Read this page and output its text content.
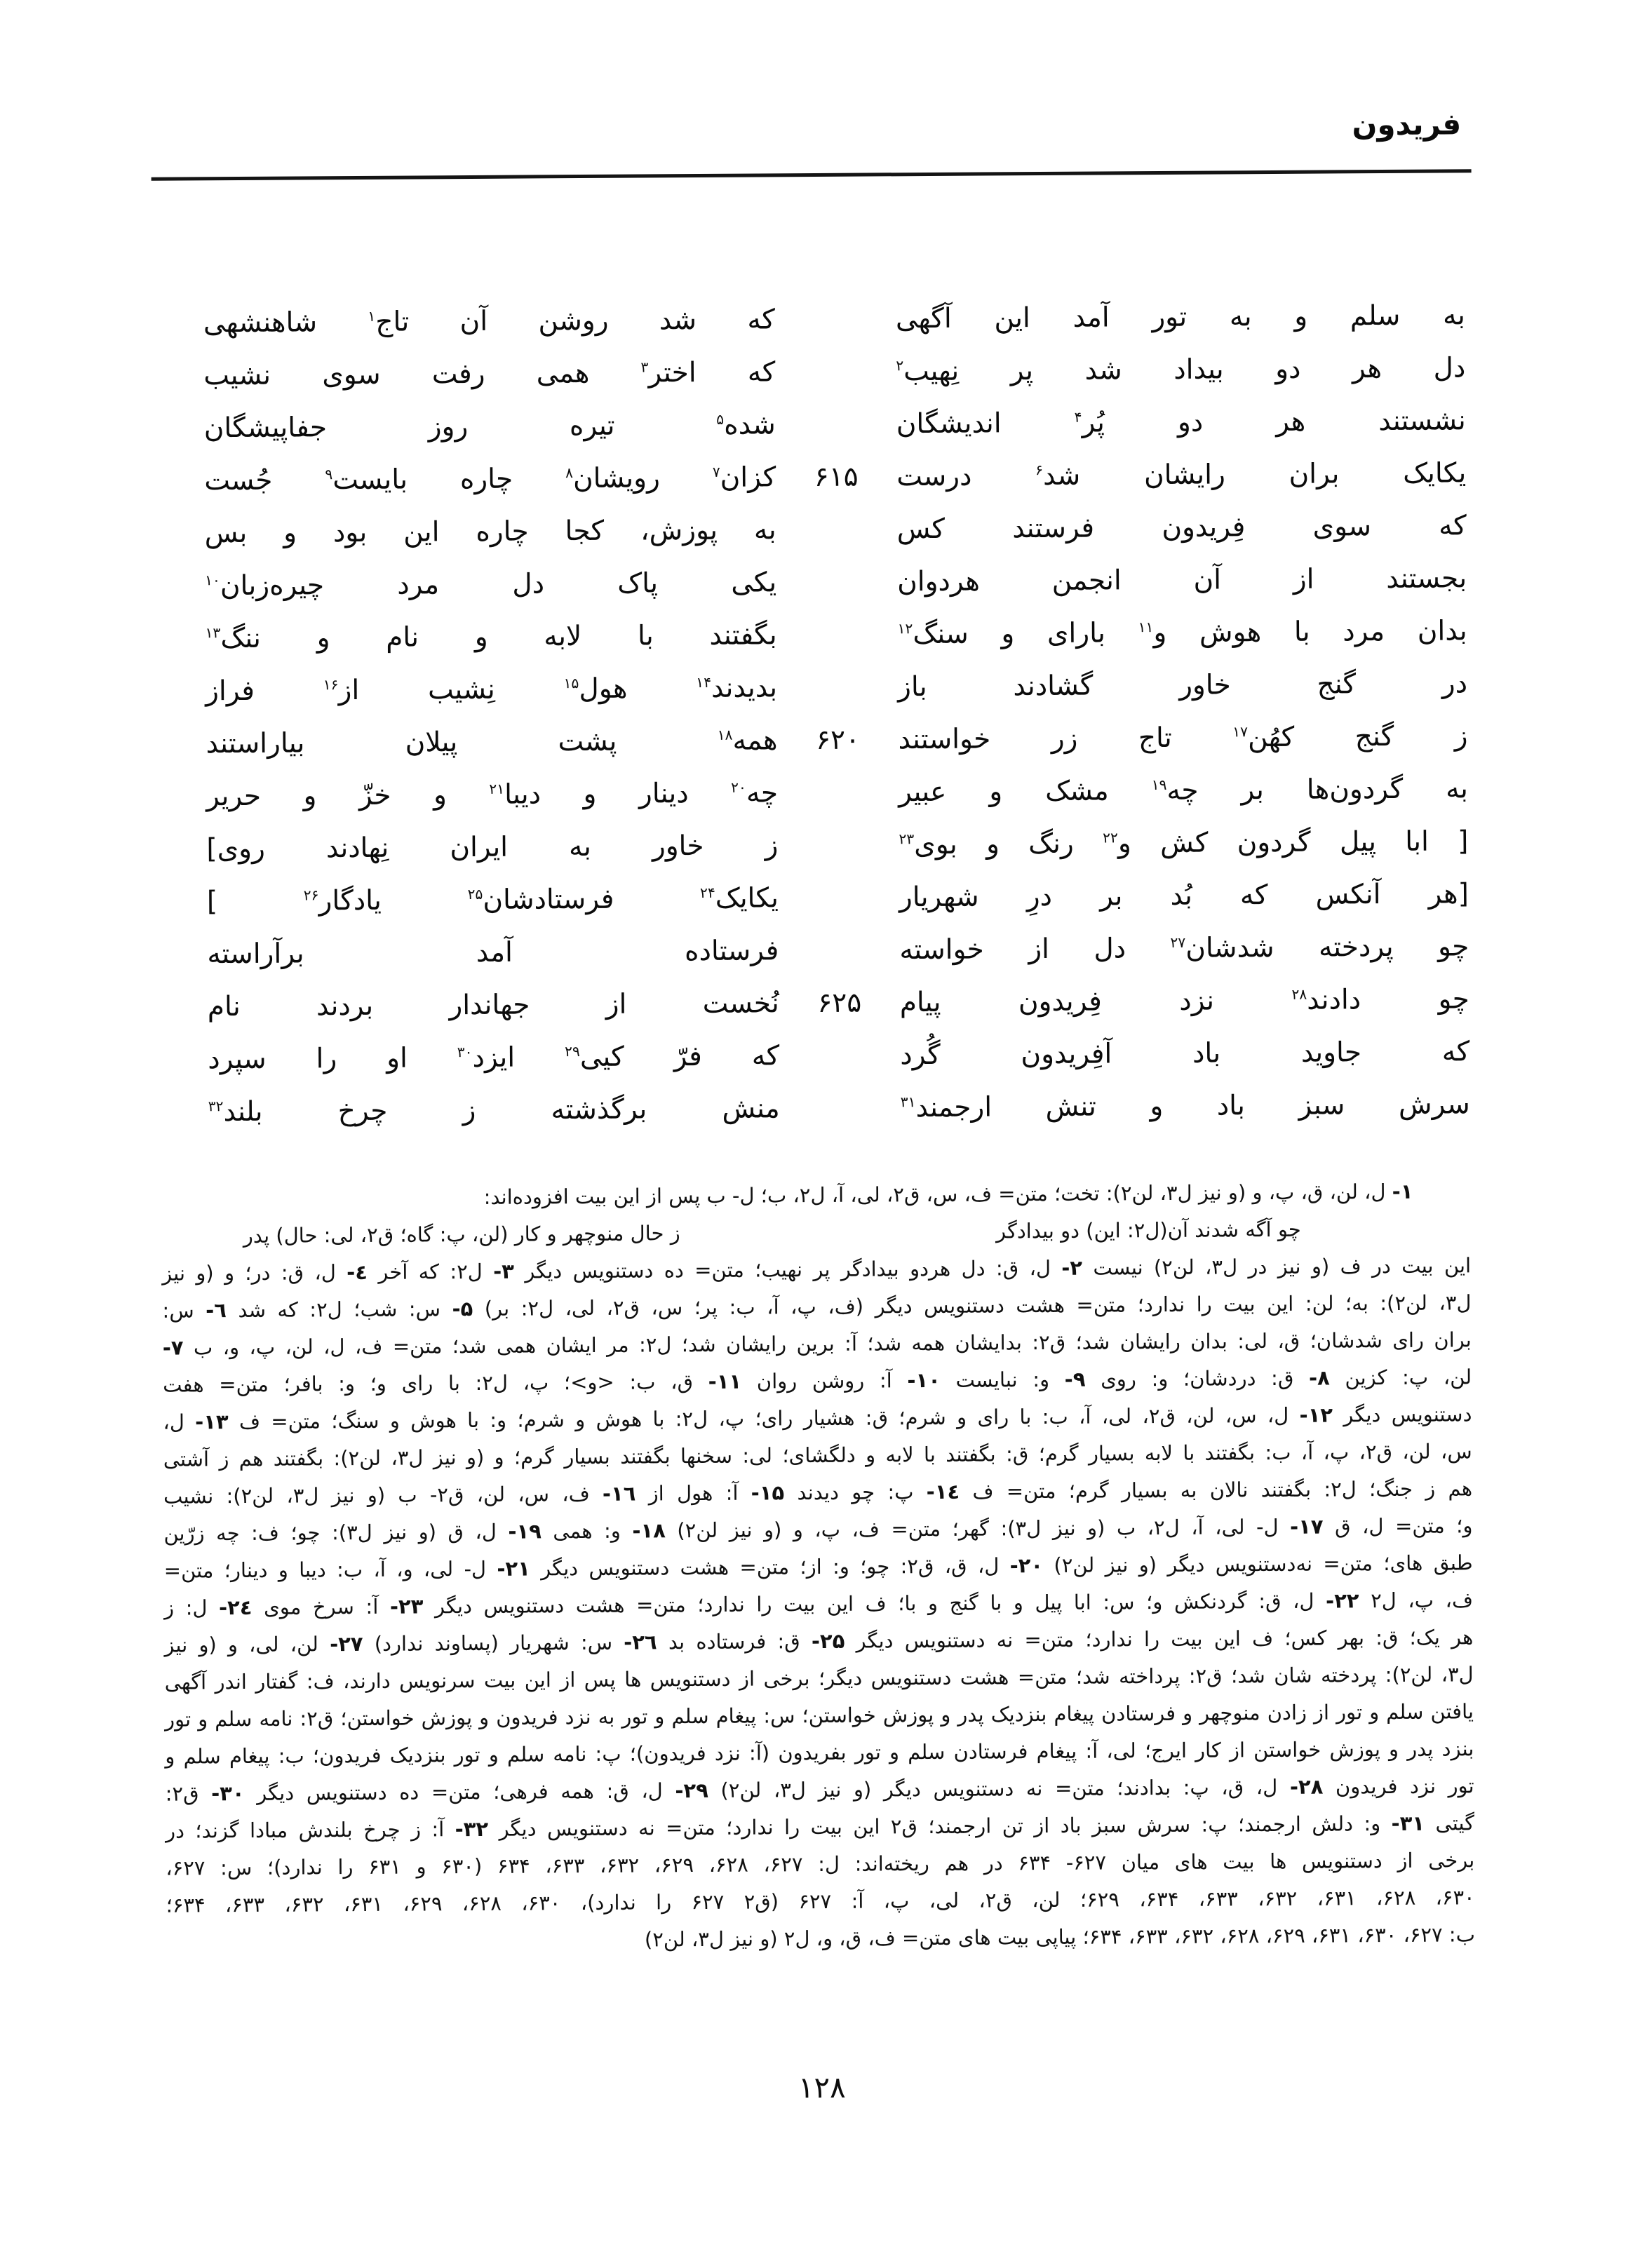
فریدون
به سلم و به تور آمد این آگهی
که شد روشن آن تاج$^۱$ شاهنشهی
دل هر دو بیداد شد پر نِهیب$^۲$
که اختر$^۳$ همی رفت سوی نشیب
نشستند هر دو پُر$^۴$ اندیشگان
شده$^۵$ تیره روز جفاپیشگان
یکایک بران رایشان شد$^۶$ درست
۶۱۵
کزان$^۷$ رویشان$^۸$ چاره بایست$^۹$ جُست
که سوی فِریدون فرستند کس
به پوزش، کجا چاره این بود و بس
بجستند از آن انجمن هردوان
یکی پاک دل مرد چیره‌زبان$^{۱۰}$
بدان مرد با هوش و$^{۱۱}$ بارای و سنگ$^{۱۲}$
بگفتند با لابه و نام و ننگ$^{۱۳}$
در گنج خاور گشادند باز
بدیدند$^{۱۴}$ هول$^{۱۵}$ نِشیب از$^{۱۶}$ فراز
ز گنج کهُن$^{۱۷}$ تاج زر خواستند
۶۲۰
همه$^{۱۸}$ پشت پیلان بیاراستند
به گردون‌ها بر چه$^{۱۹}$ مشک و عبیر
چه$^{۲۰}$ دینار و دیبا$^{۲۱}$ و خزّ و حریر
[ ابا پیل گردون کش و$^{۲۲}$ رنگ و بوی$^{۲۳}$
ز خاور به ایران نِهادند روی]
[هر آنکس که بُد بر درِ شهریار
یکایک$^{۲۴}$ فرستادشان$^{۲۵}$ یادگار$^{۲۶}$ ]
چو پردخته شدشان$^{۲۷}$ دل از خواسته
فرستاده آمد برآراسته
چو دادند$^{۲۸}$ نزد فِریدون پیام
۶۲۵
نُخست از جهاندار بردند نام
که جاوید باد آفِریدون گُرد
که فرّ کیی$^{۲۹}$ ایزد$^{۳۰}$ او را سپرد
سرش سبز باد و تنش ارجمند$^{۳۱}$
منش برگذشته ز چرخ بلند$^{۳۲}$
۱- ل، لن، ق، پ، و (و نیز ل۳، لن۲): تخت؛ متن= ف، س، ق۲، لی، آ، ل۲، ب؛ ل- ب پس از این بیت افزوده‌اند:
چو آگه شدند آن(ل۲: این) دو بیدادگر
ز حال منوچهر و کار (لن، پ: گاه؛ ق۲، لی: حال) پدر
این بیت در ف (و نیز در ل۳، لن۲) نیست ۲- ل، ق: دل هردو بیدادگر پر نهیب؛ متن= ده دستنویس دیگر ۳- ل۲: که آخر ٤- ل، ق: در؛ و (و نیز
ل۳، لن۲): به؛ لن: این بیت را ندارد؛ متن= هشت دستنویس دیگر (ف، پ، آ، ب: پر؛ س، ق۲، لی، ل۲: بر) ۵- س: شب؛ ل۲: که شد ٦- س:
بران رای شدشان؛ ق، لی: بدان رایشان شد؛ ق۲: بدایشان همه شد؛ آ: برین رایشان شد؛ ل۲: مر ایشان همی شد؛ متن= ف، ل، لن، پ، و، ب ۷-
لن، پ: کزین ۸- ق: دردشان؛ و: روی ۹- و: نبایست ۱۰- آ: روشن روان ۱۱- ق، ب: <و>؛ پ، ل۲: با رای و؛ و: بافر؛ متن= هفت
دستنویس دیگر ۱۲- ل، س، لن، ق۲، لی، آ، ب: با رای و شرم؛ ق: هشیار رای؛ پ، ل۲: با هوش و شرم؛ و: با هوش و سنگ؛ متن= ف ۱۳- ل،
س، لن، ق۲، پ، آ، ب: بگفتند با لابه بسیار گرم؛ ق: بگفتند با لابه و دلگشای؛ لی: سخنها بگفتند بسیار گرم؛ و (و نیز ل۳، لن۲): بگفتند هم ز آشتی
هم ز جنگ؛ ل۲: بگفتند نالان به بسیار گرم؛ متن= ف ۱٤- پ: چو دیدند ۱۵- آ: هول از ۱٦- ف، س، لن، ق۲- ب (و نیز ل۳، لن۲): نشیب
و؛ متن= ل، ق ۱۷- ل- لی، آ، ل۲، ب (و نیز ل۳): گهر؛ متن= ف، پ، و (و نیز لن۲) ۱۸- و: همی ۱۹- ل، ق (و نیز ل۳): چو؛ ف: چه زرّین
طبق های؛ متن= نه‌دستنویس دیگر (و نیز لن۲) ۲۰- ل، ق، ق۲: چو؛ و: از؛ متن= هشت دستنویس دیگر ۲۱- ل- لی، و، آ، ب: دیبا و دینار؛ متن=
ف، پ، ل۲ ۲۲- ل، ق: گردنکش و؛ س: ابا پیل و با گنج و با؛ ف این بیت را ندارد؛ متن= هشت دستنویس دیگر ۲۳- آ: سرخ موی ۲٤- ل: ز
هر یک؛ ق: بهر کس؛ ف این بیت را ندارد؛ متن= نه دستنویس دیگر ۲۵- ق: فرستاده بد ۲٦- س: شهریار (پساوند ندارد) ۲۷- لن، لی، و (و نیز
ل۳، لن۲): پردخته شان شد؛ ق۲: پرداخته شد؛ متن= هشت دستنویس دیگر؛ برخی از دستنویس ها پس از این بیت سرنویس دارند، ف: گفتار اندر آگهی
یافتن سلم و تور از زادن منوچهر و فرستادن پیغام بنزدیک پدر و پوزش خواستن؛ س: پیغام سلم و تور به نزد فریدون و پوزش خواستن؛ ق۲: نامه سلم و تور
بنزد پدر و پوزش خواستن از کار ایرج؛ لی، آ: پیغام فرستادن سلم و تور بفریدون (آ: نزد فریدون)؛ پ: نامه سلم و تور بنزدیک فریدون؛ ب: پیغام سلم و
تور نزد فریدون ۲۸- ل، ق، پ: بدادند؛ متن= نه دستنویس دیگر (و نیز ل۳، لن۲) ۲۹- ل، ق: همه فرهی؛ متن= ده دستنویس دیگر ۳۰- ق۲:
گیتی ۳۱- و: دلش ارجمند؛ پ: سرش سبز باد از تن ارجمند؛ ق۲ این بیت را ندارد؛ متن= نه دستنویس دیگر ۳۲- آ: ز چرخ بلندش مبادا گزند؛ در
برخی از دستنویس ها بیت های میان ۶۲۷- ۶۳۴ در هم ریخته‌اند: ل: ۶۲۷، ۶۲۸، ۶۲۹، ۶۳۲، ۶۳۳، ۶۳۴ (۶۳۰ و ۶۳۱ را ندارد)؛ س: ۶۲۷،
۶۳۰، ۶۲۸، ۶۳۱، ۶۳۲، ۶۳۳، ۶۳۴، ۶۲۹؛ لن، ق۲، لی، پ، آ: ۶۲۷ (ق۲ ۶۲۷ را ندارد)، ۶۳۰، ۶۲۸، ۶۲۹، ۶۳۱، ۶۳۲، ۶۳۳، ۶۳۴؛
ب: ۶۲۷، ۶۳۰، ۶۳۱، ۶۲۹، ۶۲۸، ۶۳۲، ۶۳۳، ۶۳۴؛ پیاپی بیت های متن= ف، ق، و، ل۲ (و نیز ل۳، لن۲)
۱۲۸
